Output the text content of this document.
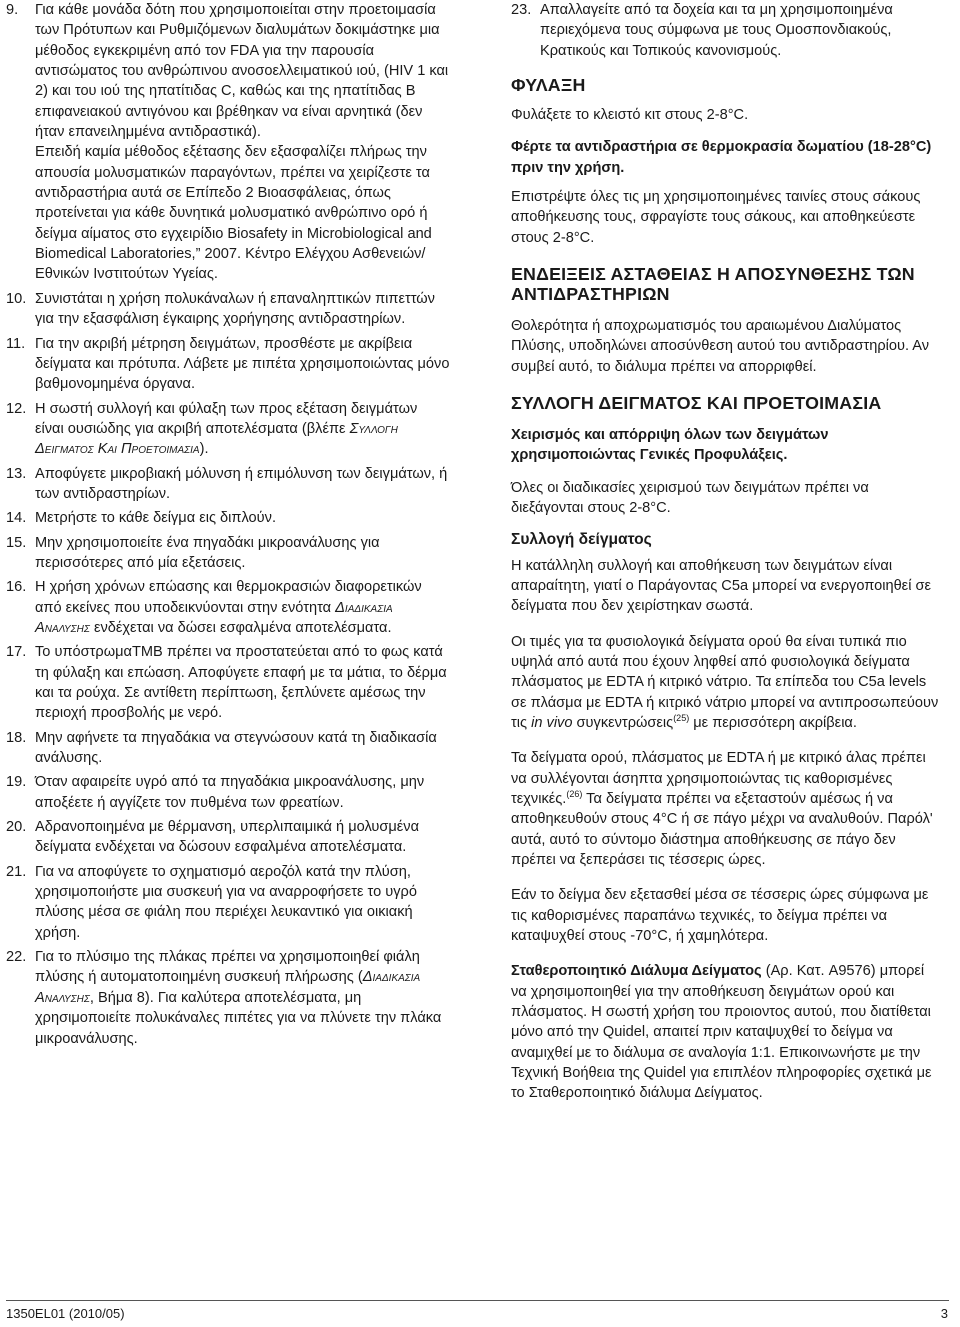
9.	Για κάθε μονάδα δότη που χρησιμοποιείται στην προετοιμασία των Πρότυπων και Ρυθμιζόμενων διαλυμάτων δοκιμάστηκε μια μέθοδος εγκεκριμένη από τον FDA για την παρουσία αντισώματος του ανθρώπινου ανοσοελλειματικού ιού, (HIV 1 και 2) και του ιού της ηπατίτιδας C, καθώς και της ηπατίτιδας B επιφανειακού αντιγόνου και βρέθηκαν να είναι αρνητικά (δεν ήταν επανειλημμένα αντιδραστικά).

Επειδή καμία μέθοδος εξέτασης δεν εξασφαλίζει πλήρως την απουσία μολυσματικών παραγόντων, πρέπει να χειρίζεστε τα αντιδραστήρια αυτά σε Επίπεδο 2 Βιοασφάλειας, όπως προτείνεται για κάθε δυνητικά μολυσματικό ανθρώπινο ορό ή δείγμα αίματος στο εγχειρίδιο Biosafety in Microbiological and Biomedical Laboratories,” 2007. Κέντρο Ελέγχου Ασθενειών/Εθνικών Ινστιτούτων Υγείας.

10. Συνιστάται η χρήση πολυκάναλων ή επαναληπτικών πιπεττών για την εξασφάλιση έγκαιρης χορήγησης αντιδραστηρίων.
11. Για την ακριβή μέτρηση δειγμάτων, προσθέστε με ακρίβεια δείγματα και πρότυπα. Λάβετε με πιπέτα χρησιμοποιώντας μόνο βαθμονομημένα όργανα.
12. Η σωστή συλλογή και φύλαξη των προς εξέταση δειγμάτων είναι ουσιώδης για ακριβή αποτελέσματα (βλέπε Συλλογη Δειγματος Και Προετοιμασια).
13. Αποφύγετε μικροβιακή μόλυνση ή επιμόλυνση των δειγμάτων, ή των αντιδραστηρίων.
14. Μετρήστε το κάθε δείγμα εις διπλούν.
15. Μην χρησιμοποιείτε ένα πηγαδάκι μικροανάλυσης για περισσότερες από μία εξετάσεις.
16. Η χρήση χρόνων επώασης και θερμοκρασιών διαφορετικών από εκείνες που υποδεικνύονται στην ενότητα Διαδικασια Αναλυσης ενδέχεται να δώσει εσφαλμένα αποτελέσματα.
17. Το υπόστρωμαTMB πρέπει να προστατεύεται από το φως κατά τη φύλαξη και επώαση. Αποφύγετε επαφή με τα μάτια, το δέρμα και τα ρούχα. Σε αντίθετη περίπτωση, ξεπλύνετε αμέσως την περιοχή προσβολής με νερό.
18. Μην αφήνετε τα πηγαδάκια να στεγνώσουν κατά τη διαδικασία ανάλυσης.
19. Όταν αφαιρείτε υγρό από τα πηγαδάκια μικροανάλυσης, μην αποξέετε ή αγγίζετε τον πυθμένα των φρεατίων.
20. Αδρανοποιημένα με θέρμανση, υπερλιπαιμικά ή μολυσμένα δείγματα ενδέχεται να δώσουν εσφαλμένα αποτελέσματα.
21. Για να αποφύγετε το σχηματισμό αεροζόλ κατά την πλύση, χρησιμοποιήστε μια συσκευή για να αναρροφήσετε το υγρό πλύσης μέσα σε φιάλη που περιέχει λευκαντικό για οικιακή χρήση.
22. Για το πλύσιμο της πλάκας πρέπει να χρησιμοποιηθεί φιάλη πλύσης ή αυτοματοποιημένη συσκευή πλήρωσης (Διαδικασια Αναλυσης, Βήμα 8). Για καλύτερα αποτελέσματα, μη χρησιμοποιείτε πολυκάναλες πιπέτες για να πλύνετε την πλάκα μικροανάλυσης.
23. Απαλλαγείτε από τα δοχεία και τα μη χρησιμοποιημένα περιεχόμενα τους σύμφωνα με τους Ομοσπονδιακούς, Κρατικούς και Τοπικούς κανονισμούς.
ΦΥΛΑΞΗ

Φυλάξετε το κλειστό κιτ στους 2-8°C.

Φέρτε τα αντιδραστήρια σε θερμοκρασία δωματίου (18-28°C) πριν την χρήση.

Επιστρέψτε όλες τις μη χρησιμοποιημένες ταινίες στους σάκους αποθήκευσης τους, σφραγίστε τους σάκους, και αποθηκεύεστε στους 2-8°C.

ΕΝΔΕΙΞΕΙΣ ΑΣΤΑΘΕΙΑΣ Η ΑΠΟΣΥΝΘΕΣΗΣ ΤΩΝ ΑΝΤΙΔΡΑΣΤΗΡΙΩΝ

Θολερότητα ή αποχρωματισμός του αραιωμένου Διαλύματος Πλύσης, υποδηλώνει αποσύνθεση αυτού του αντιδραστηρίου. Αν συμβεί αυτό, το διάλυμα πρέπει να απορριφθεί.

ΣΥΛΛΟΓΗ ΔΕΙΓΜΑΤΟΣ ΚΑΙ ΠΡΟΕΤΟΙΜΑΣΙΑ

Χειρισμός και απόρριψη όλων των δειγμάτων χρησιμοποιώντας Γενικές Προφυλάξεις.

Όλες οι διαδικασίες χειρισμού των δειγμάτων πρέπει να διεξάγονται στους 2-8°C.

Συλλογή δείγματος

Η κατάλληλη συλλογή και αποθήκευση των δειγμάτων είναι απαραίτητη, γιατί ο Παράγοντας C5a μπορεί να ενεργοποιηθεί σε δείγματα που δεν χειρίστηκαν σωστά.

Οι τιμές για τα φυσιολογικά δείγματα ορού θα είναι τυπικά πιο υψηλά από αυτά που έχουν ληφθεί από φυσιολογικά δείγματα πλάσματος με EDTA ή κιτρικό νάτριο. Τα επίπεδα του C5a levels σε πλάσμα με EDTA ή κιτρικό νάτριο μπορεί να αντιπροσωπεύουν τις in vivo συγκεντρώσεις$^{(25)}$ με περισσότερη ακρίβεια.

Τα δείγματα ορού, πλάσματος με EDTA ή με κιτρικό άλας πρέπει να συλλέγονται άσηπτα χρησιμοποιώντας τις καθορισμένες τεχνικές.$^{(26)}$ Τα δείγματα πρέπει να εξεταστούν αμέσως ή να αποθηκευθούν στους 4°C ή σε πάγο μέχρι να αναλυθούν. Παρόλ' αυτά, αυτό το σύντομο διάστημα αποθήκευσης σε πάγο δεν πρέπει να ξεπεράσει τις τέσσερις ώρες.

Εάν το δείγμα δεν εξετασθεί μέσα σε τέσσερις ώρες σύμφωνα με τις καθορισμένες παραπάνω τεχνικές, το δείγμα πρέπει να καταψυχθεί στους -70°C, ή χαμηλότερα.

Σταθεροποιητικό Διάλυμα Δείγματος (Αρ. Κατ. A9576) μπορεί να χρησιμοποιηθεί για την αποθήκευση δειγμάτων ορού και πλάσματος. Η σωστή χρήση του προιοντος αυτού, που διατίθεται μόνο από την Quidel, απαιτεί πριν καταψυχθεί το δείγμα να αναμιχθεί με το διάλυμα σε αναλογία 1:1. Επικοινωνήστε με την Τεχνική Βοήθεια της Quidel για επιπλέον πληροφορίες σχετικά με το Σταθεροποιητικό διάλυμα Δείγματος.

1350EL01 (2010/05)	3
